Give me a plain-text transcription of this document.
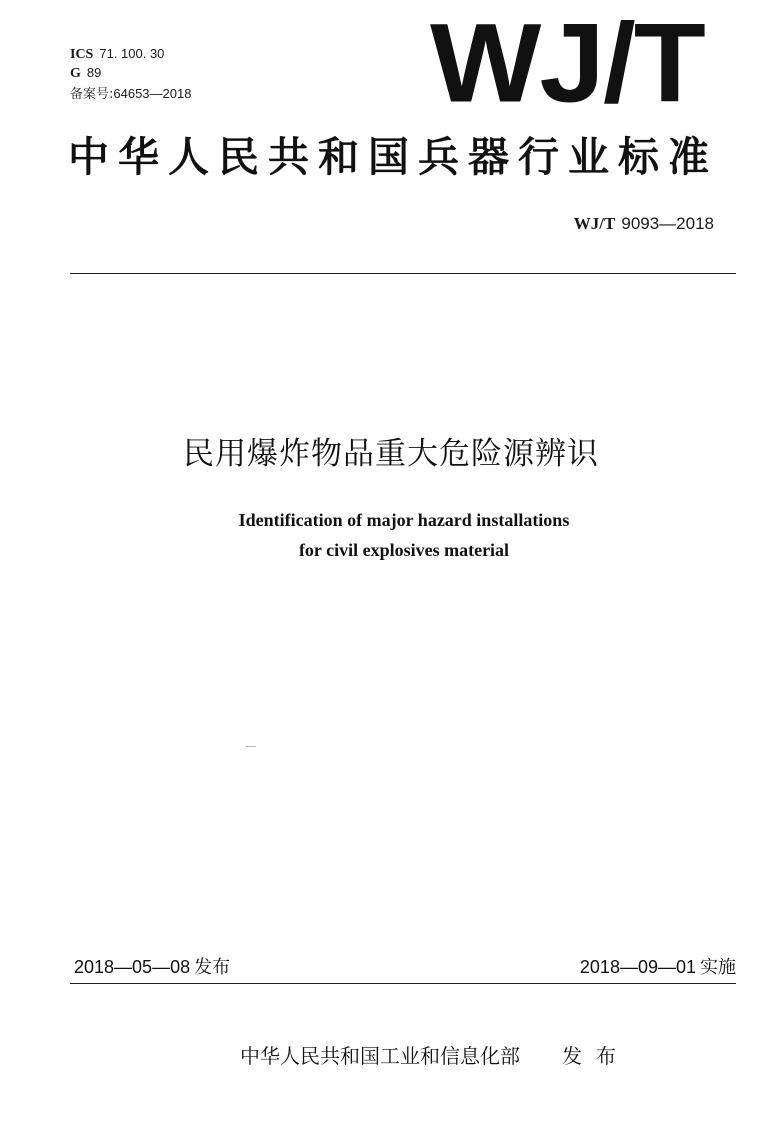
ICS 71. 100. 30
G 89
备案号:64653—2018 WJ/T
中华人民共和国兵器行业标准
WJ/T 9093—2018
民用爆炸物品重大危险源辨识
Identification of major hazard installations
for civil explosives material
2018—05—08 发布	2018—09—01 实施
中华人民共和国工业和信息化部 发布
